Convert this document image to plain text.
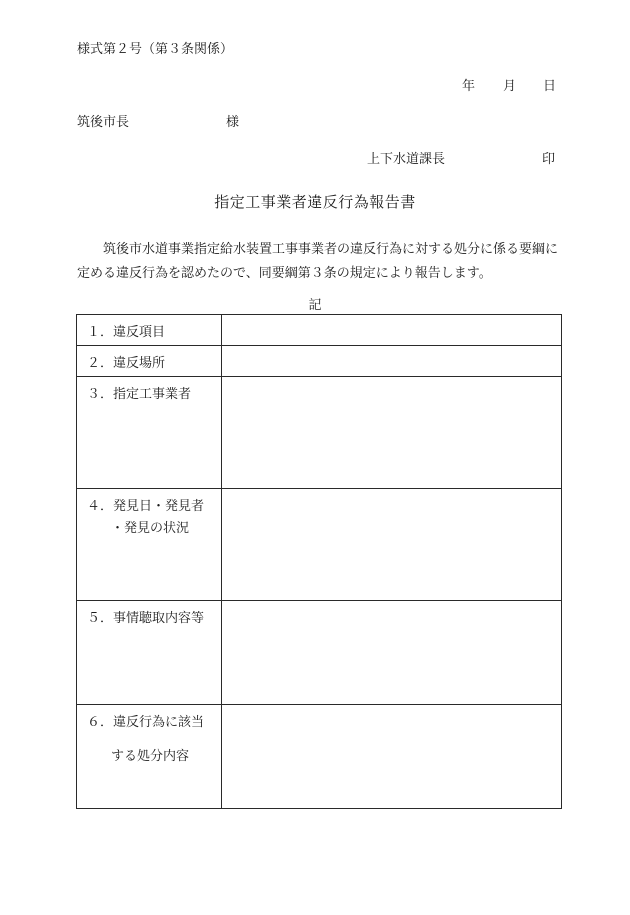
様式第２号（第３条関係）
年 月 日
筑後市長	様
上下水道課長	印
指定工事業者違反行為報告書

筑後市水道事業指定給水装置工事事業者の違反行為に対する処分に係る要綱に定める違反行為を認めたので、同要綱第３条の規定により報告します。

記
１．違反項目	

２．違反場所	

３．指定工事業者	

４．発見日・発見者
・発見の状況	

５．事情聴取内容等	

６．違反行為に該当
する処分内容	
